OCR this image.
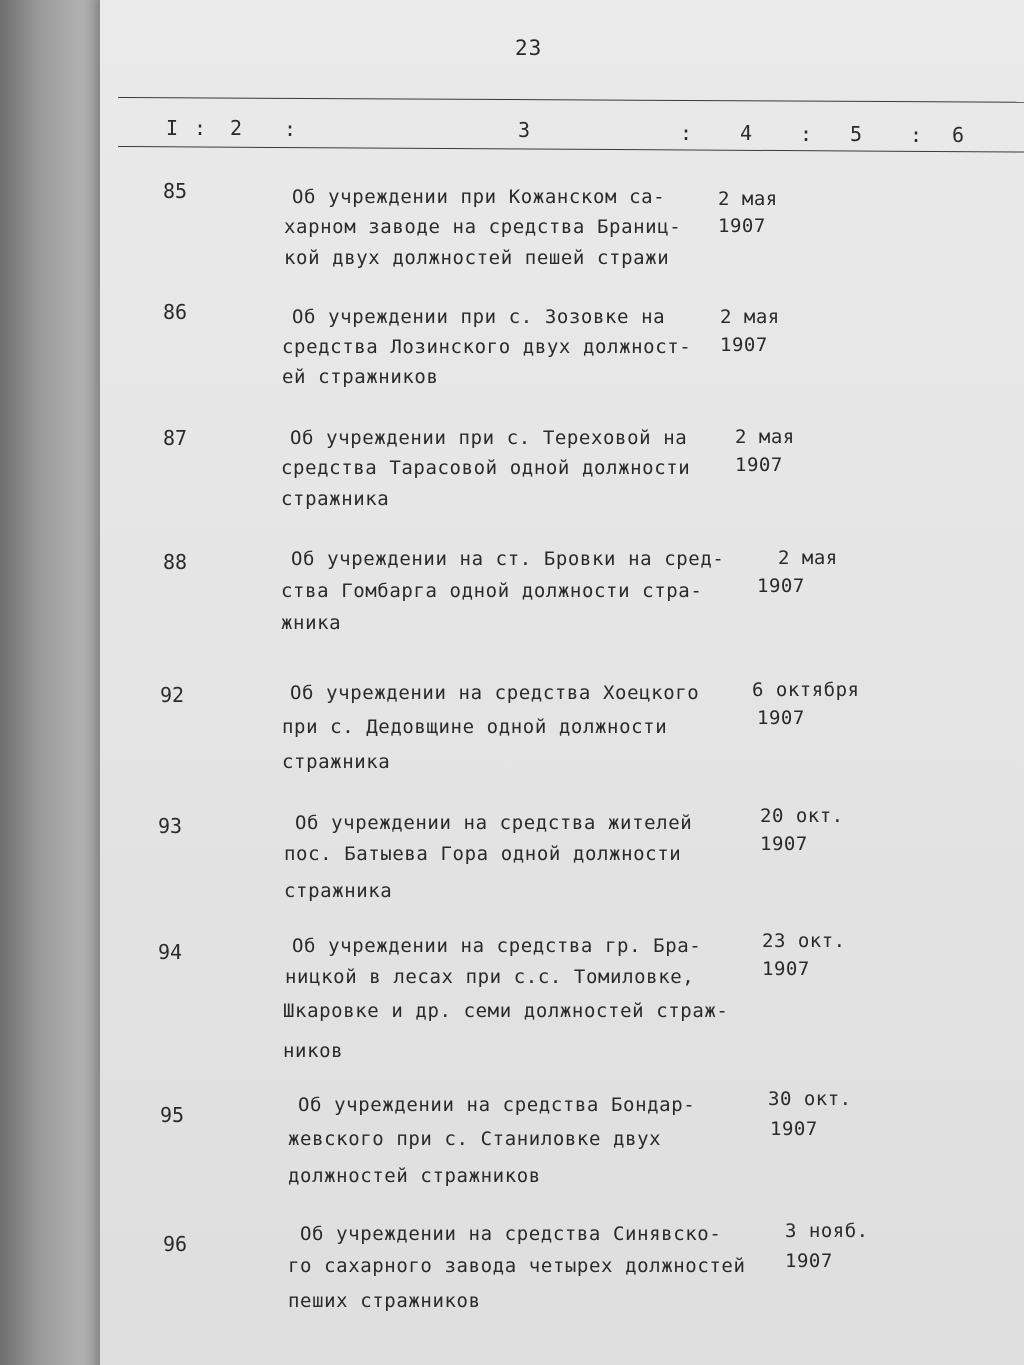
23
I : 2 :	3	: 4 : 5 : 6
85	Об учреждении при Кожанском са-
харном заводе на средства Браниц-
кой двух должностей пешей стражи
2 мая
1907
86	Об учреждении при с. Зозовке на
средства Лозинского двух должност-
ей стражников
2 мая
1907
87	Об учреждении при с. Тереховой на
средства Тарасовой одной должности
стражника
2 мая
1907
88	Об учреждении на ст. Бровки на сред-
ства Гомбарга одной должности стра-
жника
2 мая
1907
92	Об учреждении на средства Хоецкого
при с. Дедовщине одной должности
стражника
6 октября
1907
93	Об учреждении на средства жителей
пос. Батыева Гора одной должности
стражника
20 окт.
1907
94	Об учреждении на средства гр. Бра-
ницкой в лесах при с.с. Томиловке,
Шкаровке и др. семи должностей страж-
ников
23 окт.
1907
95	Об учреждении на средства Бондар-
жевского при с. Станиловке двух
должностей стражников
30 окт.
1907
96	Об учреждении на средства Синявско-
го сахарного завода четырех должностей
пеших стражников
3 нояб.
1907
